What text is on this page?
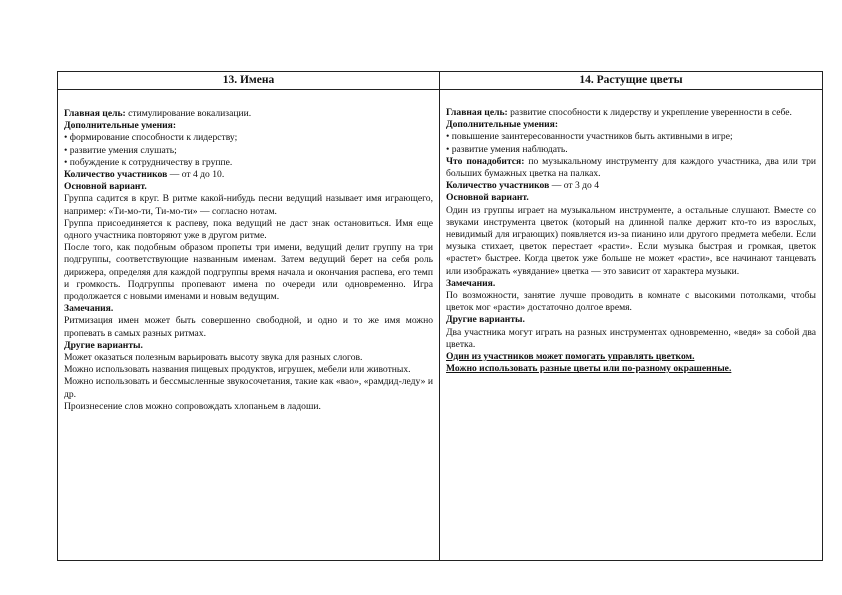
13. Имена

Главная цель: стимулирование вокализации.

Дополнительные умения:

• формирование способности к лидерству;

• развитие умения слушать;

• побуждение к сотрудничеству в группе.

Количество участников — от 4 до 10.

Основной вариант.

Группа садится в круг. В ритме какой-нибудь песни ведущий называет имя играющего, например: «Ти-мо-ти, Ти-мо-ти» — согласно нотам.

Группа присоединяется к распеву, пока ведущий не даст знак остановиться. Имя еще одного участника повторяют уже в другом ритме.

После того, как подобным образом пропеты три имени, ведущий делит группу на три подгруппы, соответствующие названным именам. Затем ведущий берет на себя роль дирижера, определяя для каждой подгруппы время начала и окончания распева, его темп и громкость. Подгруппы пропевают имена по очереди или одновременно. Игра продолжается с новыми именами и новым ведущим.

Замечания.

Ритмизация имен может быть совершенно свободной, и одно и то же имя можно пропевать в самых разных ритмах.

Другие варианты.

Может оказаться полезным варьировать высоту звука для разных слогов.

Можно использовать названия пищевых продуктов, игрушек, мебели или животных.

Можно использовать и бессмысленные звукосочетания, такие как «вао», «рамдид-леду» и др.

Произнесение слов можно сопровождать хлопаньем в ладоши.

14. Растущие цветы

Главная цель: развитие способности к лидерству и укрепление уверенности в себе.

Дополнительные умения:

• повышение заинтересованности участников быть активными в игре;

• развитие умения наблюдать.

Что понадобится: по музыкальному инструменту для каждого участника, два или три больших бумажных цветка на палках.

Количество участников — от 3 до 4

Основной вариант.

Один из группы играет на музыкальном инструменте, а остальные слушают. Вместе со звуками инструмента цветок (который на длинной палке держит кто-то из взрослых, невидимый для играющих) появляется из-за пианино или другого предмета мебели. Если музыка стихает, цветок перестает «расти». Если музыка быстрая и громкая, цветок «растет» быстрее. Когда цветок уже больше не может «расти», все начинают танцевать или изображать «увядание» цветка — это зависит от характера музыки.

Замечания.

По возможности, занятие лучше проводить в комнате с высокими потолками, чтобы цветок мог «расти» достаточно долгое время.

Другие варианты.

Два участника могут играть на разных инструментах одновременно, «ведя» за собой два цветка.

Один из участников может помогать управлять цветком.

Можно использовать разные цветы или по-разному окрашенные.
